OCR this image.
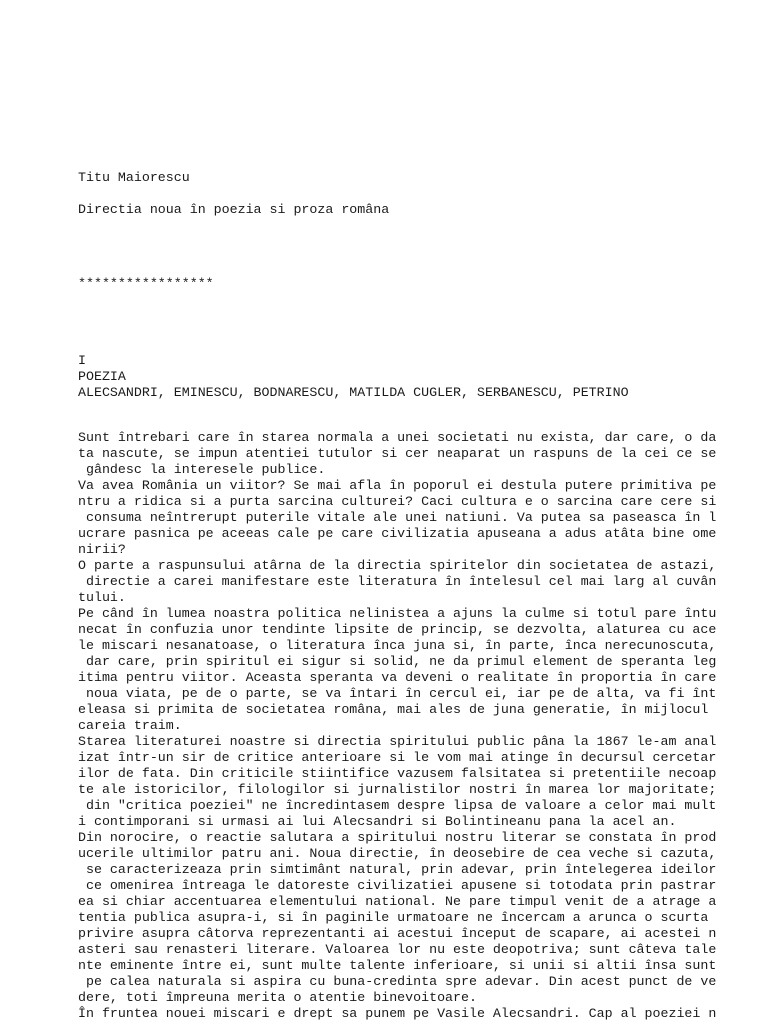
Titu Maiorescu

Directia noua în poezia si proza româna

*****************

I

POEZIA

ALECSANDRI, EMINESCU, BODNARESCU, MATILDA CUGLER, SERBANESCU, PETRINO

Sunt întrebari care în starea normala a unei societati nu exista, dar care, o da

ta nascute, se impun atentiei tutulor si cer neaparat un raspuns de la cei ce se

gândesc la interesele publice.

Va avea România un viitor? Se mai afla în poporul ei destula putere primitiva pe

ntru a ridica si a purta sarcina culturei? Caci cultura e o sarcina care cere si

consuma neîntrerupt puterile vitale ale unei natiuni. Va putea sa paseasca în l

ucrare pasnica pe aceeas cale pe care civilizatia apuseana a adus atâta bine ome

nirii?

O parte a raspunsului atârna de la directia spiritelor din societatea de astazi,

directie a carei manifestare este literatura în întelesul cel mai larg al cuvân

tului.

Pe când în lumea noastra politica nelinistea a ajuns la culme si totul pare întu

necat în confuzia unor tendinte lipsite de princip, se dezvolta, alaturea cu ace

le miscari nesanatoase, o literatura înca juna si, în parte, înca nerecunoscuta,

dar care, prin spiritul ei sigur si solid, ne da primul element de speranta leg

itima pentru viitor. Aceasta speranta va deveni o realitate în proportia în care

noua viata, pe de o parte, se va întari în cercul ei, iar pe de alta, va fi înt

eleasa si primita de societatea româna, mai ales de juna generatie, în mijlocul

careia traim.

Starea literaturei noastre si directia spiritului public pâna la 1867 le-am anal

izat într-un sir de critice anterioare si le vom mai atinge în decursul cercetar

ilor de fata. Din criticile stiintifice vazusem falsitatea si pretentiile necoap

te ale istoricilor, filologilor si jurnalistilor nostri în marea lor majoritate;

din "critica poeziei" ne încredintasem despre lipsa de valoare a celor mai mult

i contimporani si urmasi ai lui Alecsandri si Bolintineanu pana la acel an.

Din norocire, o reactie salutara a spiritului nostru literar se constata în prod

ucerile ultimilor patru ani. Noua directie, în deosebire de cea veche si cazuta,

se caracterizeaza prin simtimânt natural, prin adevar, prin întelegerea ideilor

ce omenirea întreaga le datoreste civilizatiei apusene si totodata prin pastrar

ea si chiar accentuarea elementului national. Ne pare timpul venit de a atrage a

tentia publica asupra-i, si în paginile urmatoare ne încercam a arunca o scurta

privire asupra câtorva reprezentanti ai acestui început de scapare, ai acestei n

asteri sau renasteri literare. Valoarea lor nu este deopotriva; sunt câteva tale

nte eminente între ei, sunt multe talente inferioare, si unii si altii însa sunt

pe calea naturala si aspira cu buna-credinta spre adevar. Din acest punct de ve

dere, toti împreuna merita o atentie binevoitoare.

În fruntea nouei miscari e drept sa punem pe Vasile Alecsandri. Cap al poeziei n
